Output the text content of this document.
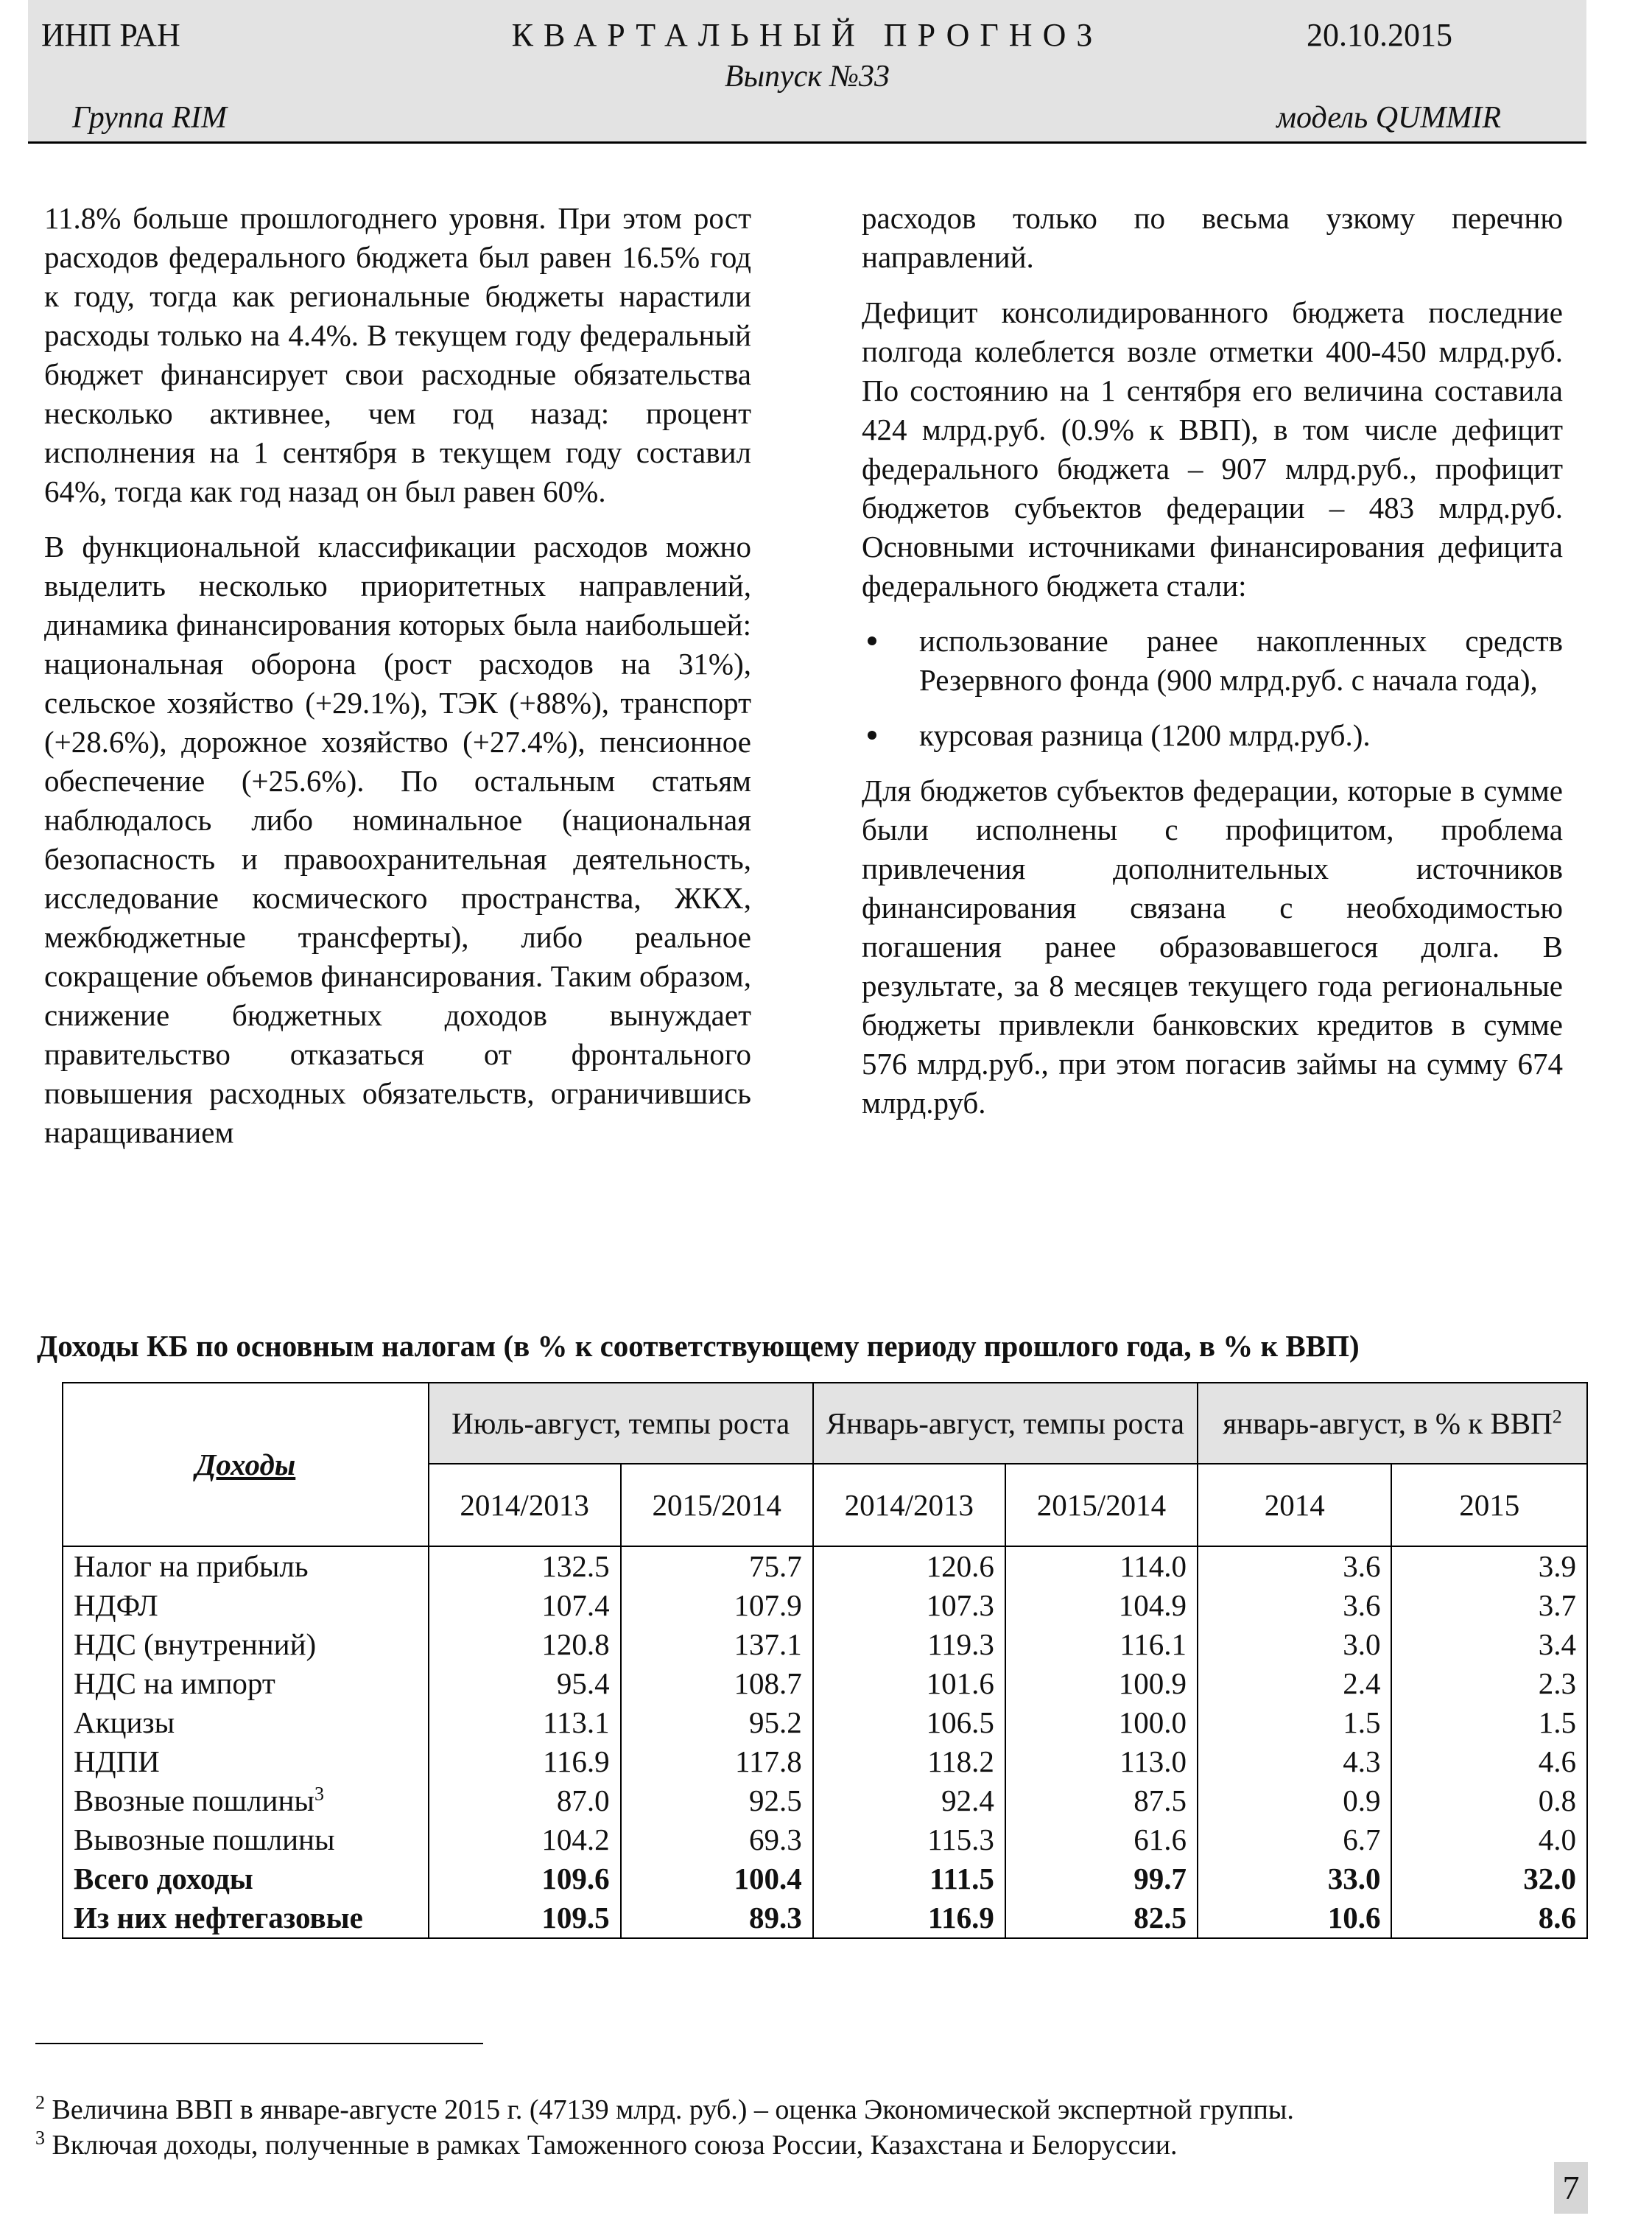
ИНП РАН	КВАРТАЛЬНЫЙ ПРОГНОЗ	20.10.2015
Выпуск №33
Группа RIM	модель QUMMIR

11.8% больше прошлогоднего уровня. При этом рост расходов федерального бюджета был равен 16.5% год к году, тогда как региональные бюджеты нарастили расходы только на 4.4%. В текущем году федеральный бюджет финансирует свои расходные обязательства несколько активнее, чем год назад: процент исполнения на 1 сентября в текущем году составил 64%, тогда как год назад он был равен 60%.

В функциональной классификации расходов можно выделить несколько приоритетных направлений, динамика финансирования которых была наибольшей: национальная оборона (рост расходов на 31%), сельское хозяйство (+29.1%), ТЭК (+88%), транспорт (+28.6%), дорожное хозяйство (+27.4%), пенсионное обеспечение (+25.6%). По остальным статьям наблюдалось либо номинальное (национальная безопасность и правоохранительная деятельность, исследование космического пространства, ЖКХ, межбюджетные трансферты), либо реальное сокращение объемов финансирования. Таким образом, снижение бюджетных доходов вынуждает правительство отказаться от фронтального повышения расходных обязательств, ограничившись наращиванием

расходов только по весьма узкому перечню направлений.

Дефицит консолидированного бюджета последние полгода колеблется возле отметки 400-450 млрд.руб. По состоянию на 1 сентября его величина составила 424 млрд.руб. (0.9% к ВВП), в том числе дефицит федерального бюджета – 907 млрд.руб., профицит бюджетов субъектов федерации – 483 млрд.руб. Основными источниками финансирования дефицита федерального бюджета стали:

использование ранее накопленных средств Резервного фонда (900 млрд.руб. с начала года),
курсовая разница (1200 млрд.руб.).

Для бюджетов субъектов федерации, которые в сумме были исполнены с профицитом, проблема привлечения дополнительных источников финансирования связана с необходимостью погашения ранее образовавшегося долга. В результате, за 8 месяцев текущего года региональные бюджеты привлекли банковских кредитов в сумме 576 млрд.руб., при этом погасив займы на сумму 674 млрд.руб.

Доходы КБ по основным налогам (в % к соответствующему периоду прошлого года, в % к ВВП)
Доходы	Июль-август, темпы роста		Январь-август, темпы роста		январь-август, в % к ВВП$^2$
	2014/2013	2015/2014	2014/2013	2015/2014	2014	2015
Налог на прибыль	132.5	75.7	120.6	114.0	3.6	3.9
НДФЛ	107.4	107.9	107.3	104.9	3.6	3.7
НДС (внутренний)	120.8	137.1	119.3	116.1	3.0	3.4
НДС на импорт	95.4	108.7	101.6	100.9	2.4	2.3
Акцизы	113.1	95.2	106.5	100.0	1.5	1.5
НДПИ	116.9	117.8	118.2	113.0	4.3	4.6
Ввозные пошлины$^3$	87.0	92.5	92.4	87.5	0.9	0.8
Вывозные пошлины	104.2	69.3	115.3	61.6	6.7	4.0
Всего доходы	109.6	100.4	111.5	99.7	33.0	32.0
Из них нефтегазовые	109.5	89.3	116.9	82.5	10.6	8.6
$^2$ Величина ВВП в январе-августе 2015 г. (47139 млрд. руб.) – оценка Экономической экспертной группы.
$^3$ Включая доходы, полученные в рамках Таможенного союза России, Казахстана и Белоруссии.
7
